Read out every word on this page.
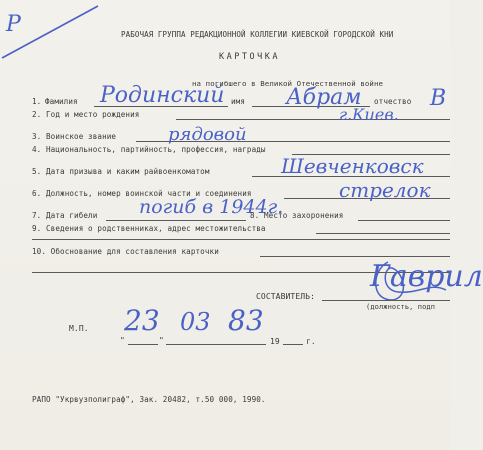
Р	РАБОЧАЯ ГРУППА РЕДАКЦИОННОЙ КОЛЛЕГИИ КИЕВСКОЙ ГОРОДСКОЙ КНИ
КАРТОЧКА
на погибшего в Великой Отечественной войне
1. Фамилия Родинский имя Абрам отчество В
2. Год и место рождения	г.Киев.
3. Воинское звание	рядовой
4. Национальность, партийность, профессия, награды
5. Дата призыва и каким райвоенкоматом	Шевченковск
6. Должность, номер воинской части и соединения	стрелок
7. Дата гибели погиб в 1944г.
8. Место захоронения
9. Сведения о родственниках, адрес местожительства
10. Обоснование для составления карточки
СОСТАВИТЕЛЬ:
Гаврил
(должность, подп
М.П.
"	"	19	г.
23 03 83
РАПО "Укрвузполиграф", Зак. 20482, т.50 000, 1990.
